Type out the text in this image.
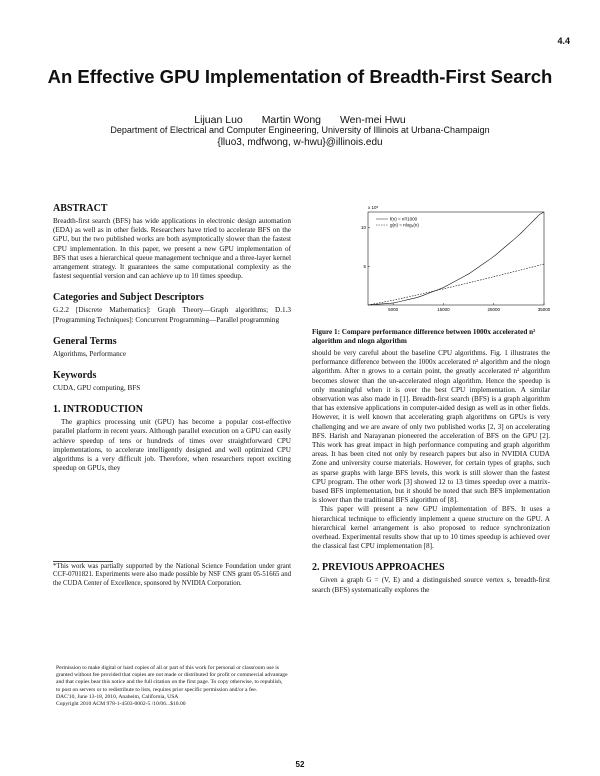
4.4
An Effective GPU Implementation of Breadth-First Search
Lijuan Luo Martin Wong Wen-mei Hwu
Department of Electrical and Computer Engineering, University of Illinois at Urbana-Champaign
{lluo3, mdfwong, w-hwu}@illinois.edu

ABSTRACT

Breadth-first search (BFS) has wide applications in electronic design automation (EDA) as well as in other fields. Researchers have tried to accelerate BFS on the GPU, but the two published works are both asymptotically slower than the fastest CPU implementation. In this paper, we present a new GPU implementation of BFS that uses a hierarchical queue management technique and a three-layer kernel arrangement strategy. It guarantees the same computational complexity as the fastest sequential version and can achieve up to 10 times speedup.

Categories and Subject Descriptors

G.2.2 [Discrete Mathematics]: Graph Theory—Graph algorithms; D.1.3 [Programming Techniques]: Concurrent Programming—Parallel programming

General Terms

Algorithms, Performance

Keywords

CUDA, GPU computing, BFS

1. INTRODUCTION

The graphics processing unit (GPU) has become a popular cost-effective parallel platform in recent years. Although parallel execution on a GPU can easily achieve speedup of tens or hundreds of times over straightforward CPU implementations, to accelerate intelligently designed and well optimized CPU algorithms is a very difficult job. Therefore, when researchers report exciting speedup on GPUs, they

*This work was partially supported by the National Science Foundation under grant CCF-0701821. Experiments were also made possible by NSF CNS grant 05-51665 and the CUDA Center of Excellence, sponsored by NVIDIA Corporation.

Permission to make digital or hard copies of all or part of this work for personal or classroom use is granted without fee provided that copies are not made or distributed for profit or commercial advantage and that copies bear this notice and the full citation on the first page. To copy otherwise, to republish, to post on servers or to redistribute to lists, requires prior specific permission and/or a fee.

DAC'10, June 13-18, 2010, Anaheim, California, USA

Copyright 2010 ACM 978-1-4503-0002-5 /10/06...$10.00

x 10⁵
5000	15000	25000	35000
5
10
f(n) = n²/1000
g(n) = nlog₂(n)
Figure 1: Compare performance difference between 1000x accelerated n² algorithm and nlogn algorithm

should be very careful about the baseline CPU algorithms. Fig. 1 illustrates the performance difference between the 1000x accelerated n² algorithm and the nlogn algorithm. After n grows to a certain point, the greatly accelerated n² algorithm becomes slower than the un-accelerated nlogn algorithm. Hence the speedup is only meaningful when it is over the best CPU implementation. A similar observation was also made in [1]. Breadth-first search (BFS) is a graph algorithm that has extensive applications in computer-aided design as well as in other fields. However, it is well known that accelerating graph algorithms on GPUs is very challenging and we are aware of only two published works [2, 3] on accelerating BFS. Harish and Narayanan pioneered the acceleration of BFS on the GPU [2]. This work has great impact in high performance computing and graph algorithm areas. It has been cited not only by research papers but also in NVIDIA CUDA Zone and university course materials. However, for certain types of graphs, such as sparse graphs with large BFS levels, this work is still slower than the fastest CPU program. The other work [3] showed 12 to 13 times speedup over a matrix-based BFS implementation, but it should be noted that such BFS implementation is slower than the traditional BFS algorithm of [8].

This paper will present a new GPU implementation of BFS. It uses a hierarchical technique to efficiently implement a queue structure on the GPU. A hierarchical kernel arrangement is also proposed to reduce synchronization overhead. Experimental results show that up to 10 times speedup is achieved over the classical fast CPU implementation [8].

2. PREVIOUS APPROACHES

Given a graph G = (V, E) and a distinguished source vertex s, breadth-first search (BFS) systematically explores the

52
